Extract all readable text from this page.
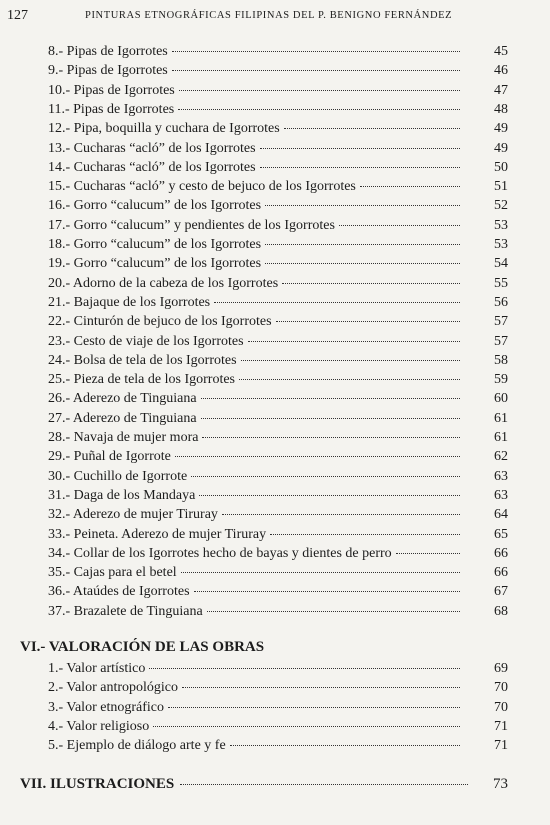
127	PINTURAS ETNOGRÁFICAS FILIPINAS DEL P. BENIGNO FERNÁNDEZ
8.- Pipas de Igorrotes	45
9.- Pipas de Igorrotes	46
10.- Pipas de Igorrotes	47
11.- Pipas de Igorrotes	48
12.- Pipa, boquilla y cuchara de Igorrotes	49
13.- Cucharas “acló” de los Igorrotes	49
14.- Cucharas “acló” de los Igorrotes	50
15.- Cucharas “acló” y cesto de bejuco de los Igorrotes	51
16.- Gorro “calucum” de los Igorrotes	52
17.- Gorro “calucum” y pendientes de los Igorrotes	53
18.- Gorro “calucum” de los Igorrotes	53
19.- Gorro “calucum” de los Igorrotes	54
20.- Adorno de la cabeza de los Igorrotes	55
21.- Bajaque de los Igorrotes	56
22.- Cinturón de bejuco de los Igorrotes	57
23.- Cesto de viaje de los Igorrotes	57
24.- Bolsa de tela de los Igorrotes	58
25.- Pieza de tela de los Igorrotes	59
26.- Aderezo de Tinguiana	60
27.- Aderezo de Tinguiana	61
28.- Navaja de mujer mora	61
29.- Puñal de Igorrote	62
30.- Cuchillo de Igorrote	63
31.- Daga de los Mandaya	63
32.- Aderezo de mujer Tiruray	64
33.- Peineta. Aderezo de mujer Tiruray	65
34.- Collar de los Igorrotes hecho de bayas y dientes de perro	66
35.- Cajas para el betel	66
36.- Ataúdes de Igorrotes	67
37.- Brazalete de Tinguiana	68
VI.- VALORACIÓN DE LAS OBRAS
1.- Valor artístico	69
2.- Valor antropológico	70
3.- Valor etnográfico	70
4.- Valor religioso	71
5.- Ejemplo de diálogo arte y fe	71
VII. ILUSTRACIONES	73
